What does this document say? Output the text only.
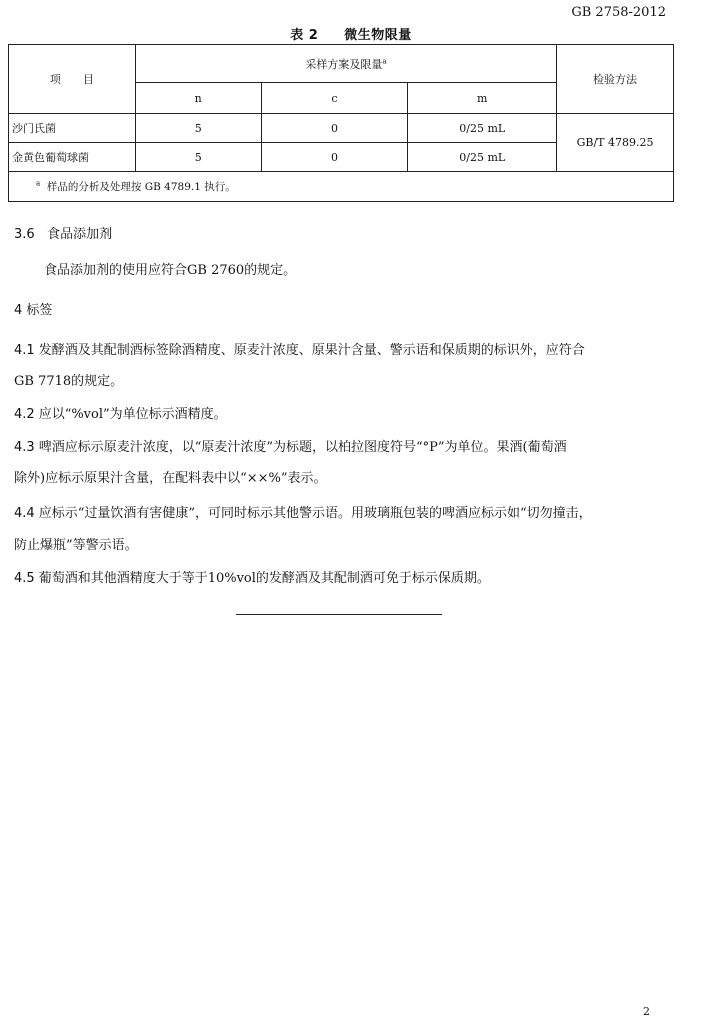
GB 2758-2012
表 2 微生物限量
项　　目	采样方案及限量$^a$			检验方法
	n	c	m	
沙门氏菌	5	0	0/25 mL	GB/T 4789.25
金黄色葡萄球菌	5	0	0/25 mL	
$^a$ 样品的分析及处理按 GB 4789.1 执行。				
3.6 食品添加剂
食品添加剂的使用应符合GB 2760的规定。
4 标签
4.1 发酵酒及其配制酒标签除酒精度、原麦汁浓度、原果汁含量、警示语和保质期的标识外，应符合
GB 7718的规定。
4.2 应以“%vol”为单位标示酒精度。
4.3 啤酒应标示原麦汁浓度，以“原麦汁浓度”为标题，以柏拉图度符号“°P”为单位。果酒(葡萄酒
除外)应标示原果汁含量，在配料表中以“××%”表示。
4.4 应标示“过量饮酒有害健康”，可同时标示其他警示语。用玻璃瓶包装的啤酒应标示如“切勿撞击，
防止爆瓶”等警示语。
4.5 葡萄酒和其他酒精度大于等于10%vol的发酵酒及其配制酒可免于标示保质期。
2
